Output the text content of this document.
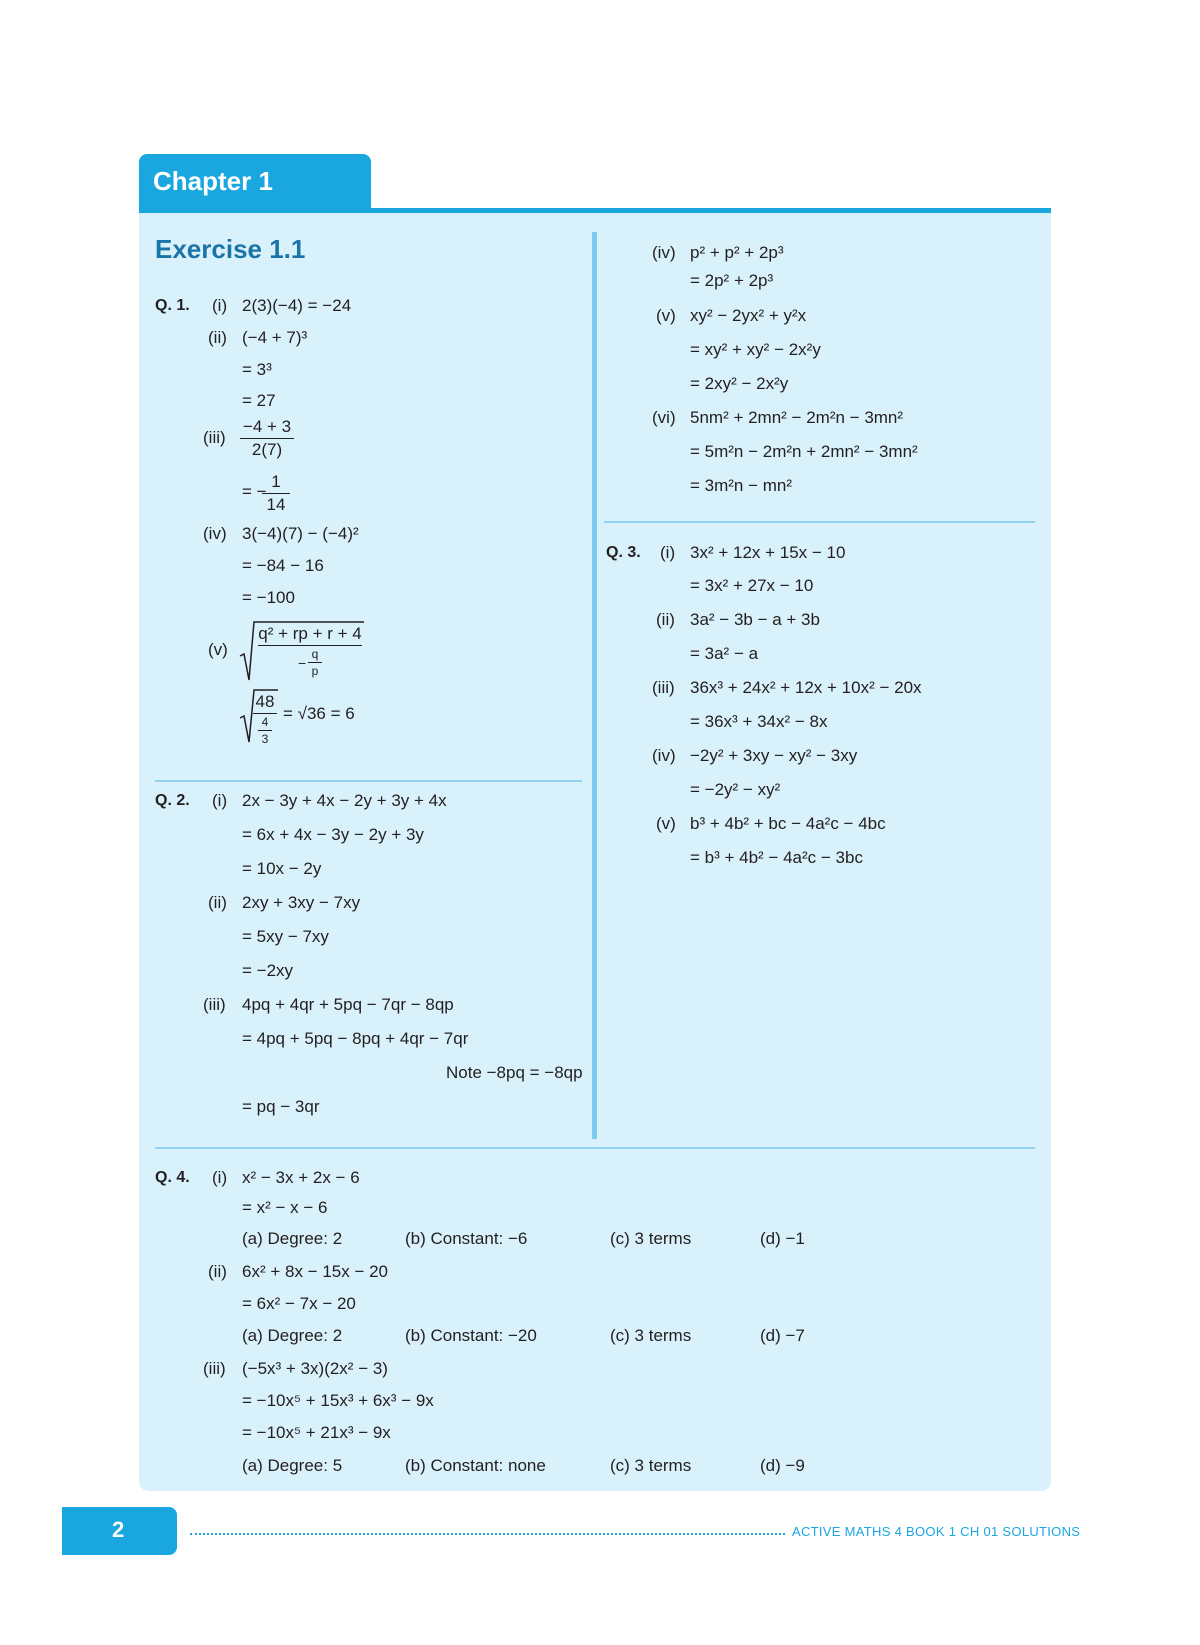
Chapter 1
Exercise 1.1
Q. 1. (i) 2(3)(−4) = −24
(ii) (−4 + 7)³
= 3³
= 27
(iii)
−4 + 3
2(7)
= −
1
14
(iv) 3(−4)(7) − (−4)²
= −84 − 16
= −100
(v)
q² + rp + r + 4
−
q
p
48
4
3
= √36 = 6
Q. 2. (i) 2x − 3y + 4x − 2y + 3y + 4x
= 6x + 4x − 3y − 2y + 3y
= 10x − 2y
(ii) 2xy + 3xy − 7xy
= 5xy − 7xy
= −2xy
(iii) 4pq + 4qr + 5pq − 7qr − 8qp
= 4pq + 5pq − 8pq + 4qr − 7qr
Note −8pq = −8qp
= pq − 3qr
(iv) p² + p² + 2p³
= 2p² + 2p³
(v) xy² − 2yx² + y²x
= xy² + xy² − 2x²y
= 2xy² − 2x²y
(vi) 5nm² + 2mn² − 2m²n − 3mn²
= 5m²n − 2m²n + 2mn² − 3mn²
= 3m²n − mn²
Q. 3. (i) 3x² + 12x + 15x − 10
= 3x² + 27x − 10
(ii) 3a² − 3b − a + 3b
= 3a² − a
(iii) 36x³ + 24x² + 12x + 10x² − 20x
= 36x³ + 34x² − 8x
(iv) −2y² + 3xy − xy² − 3xy
= −2y² − xy²
(v) b³ + 4b² + bc − 4a²c − 4bc
= b³ + 4b² − 4a²c − 3bc
Q. 4. (i) x² − 3x + 2x − 6
= x² − x − 6
(a) Degree: 2	(b) Constant: −6	(c) 3 terms	(d) −1
(ii) 6x² + 8x − 15x − 20
= 6x² − 7x − 20
(a) Degree: 2	(b) Constant: −20	(c) 3 terms	(d) −7
(iii) (−5x³ + 3x)(2x² − 3)
= −10x⁵ + 15x³ + 6x³ − 9x
= −10x⁵ + 21x³ − 9x
(a) Degree: 5	(b) Constant: none	(c) 3 terms	(d) −9
2	ACTIVE MATHS 4 BOOK 1 CH 01 SOLUTIONS
